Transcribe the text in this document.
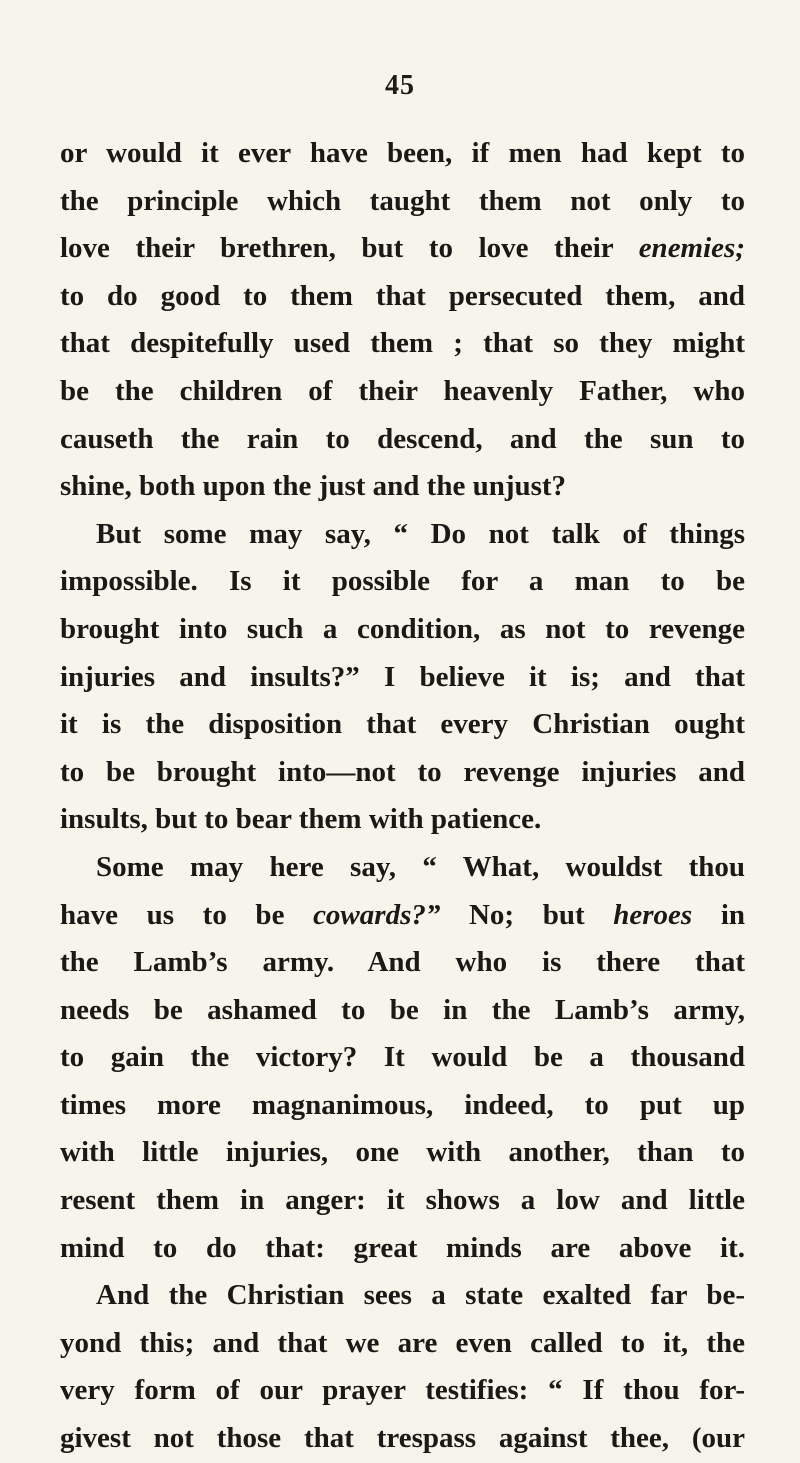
45
or would it ever have been, if men had kept to
the principle which taught them not only to
love their brethren, but to love their enemies;
to do good to them that persecuted them, and
that despitefully used them ; that so they might
be the children of their heavenly Father, who
causeth the rain to descend, and the sun to
shine, both upon the just and the unjust?
But some may say, “ Do not talk of things
impossible. Is it possible for a man to be
brought into such a condition, as not to revenge
injuries and insults?” I believe it is; and that
it is the disposition that every Christian ought
to be brought into—not to revenge injuries and
insults, but to bear them with patience.
Some may here say, “ What, wouldst thou
have us to be cowards?” No; but heroes in
the Lamb’s army. And who is there that
needs be ashamed to be in the Lamb’s army,
to gain the victory? It would be a thousand
times more magnanimous, indeed, to put up
with little injuries, one with another, than to
resent them in anger: it shows a low and little
mind to do that: great minds are above it.
And the Christian sees a state exalted far be-
yond this; and that we are even called to it, the
very form of our prayer testifies: “ If thou for-
givest not those that trespass against thee, (our
